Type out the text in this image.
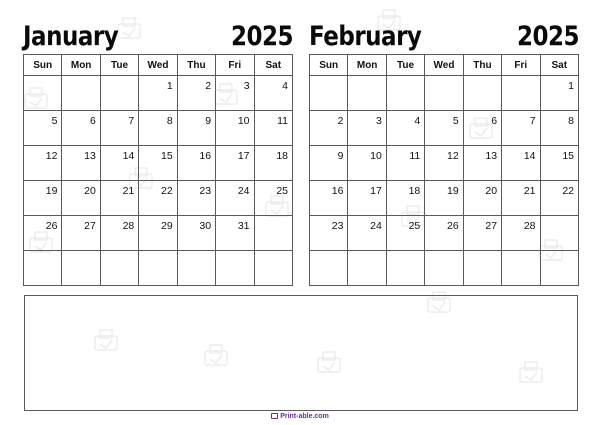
January	2025
Sun	Mon	Tue	Wed	Thu	Fri	Sat

			1	2	3	4

5	6	7	8	9	10	11

12	13	14	15	16	17	18

19	20	21	22	23	24	25

26	27	28	29	30	31	

February	2025
Sun	Mon	Tue	Wed	Thu	Fri	Sat

						1

2	3	4	5	6	7	8

9	10	11	12	13	14	15

16	17	18	19	20	21	22

23	24	25	26	27	28	

Print-able.com
